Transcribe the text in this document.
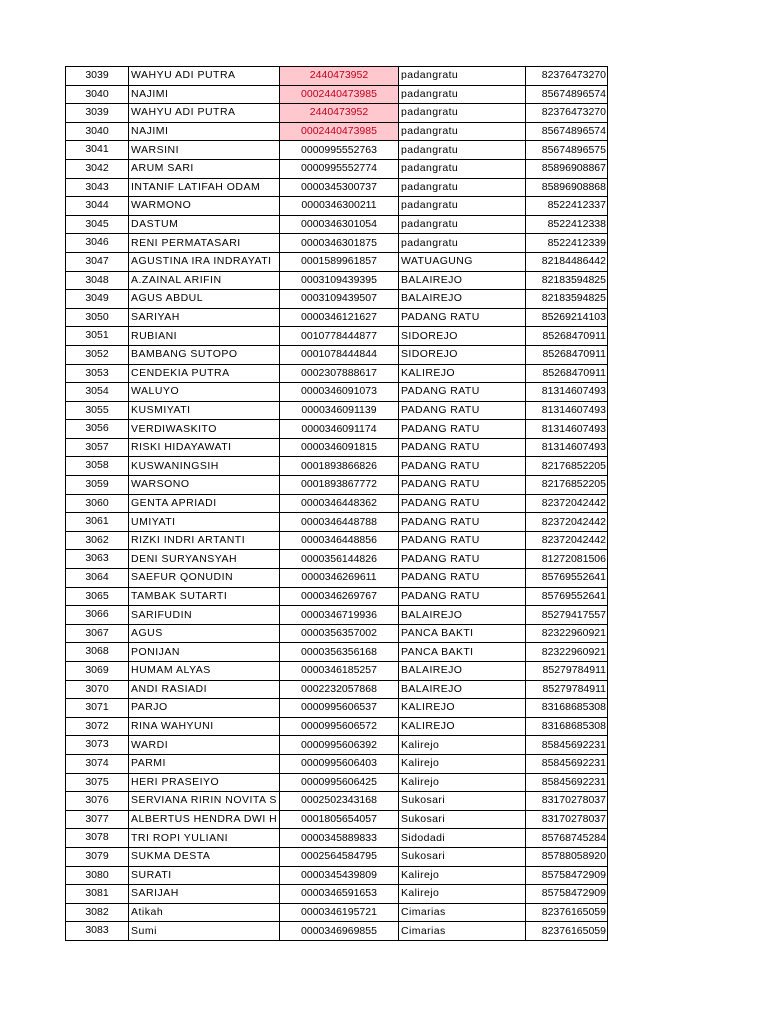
3039	WAHYU ADI PUTRA	2440473952	padangratu	82376473270
3040	NAJIMI	0002440473985	padangratu	85674896574
3039	WAHYU ADI PUTRA	2440473952	padangratu	82376473270
3040	NAJIMI	0002440473985	padangratu	85674896574
3041	WARSINI	0000995552763	padangratu	85674896575
3042	ARUM SARI	0000995552774	padangratu	85896908867
3043	INTANIF LATIFAH ODAM	0000345300737	padangratu	85896908868
3044	WARMONO	0000346300211	padangratu	8522412337
3045	DASTUM	0000346301054	padangratu	8522412338
3046	RENI PERMATASARI	0000346301875	padangratu	8522412339
3047	AGUSTINA IRA INDRAYATI	0001589961857	WATUAGUNG	82184486442
3048	A.ZAINAL ARIFIN	0003109439395	BALAIREJO	82183594825
3049	AGUS ABDUL	0003109439507	BALAIREJO	82183594825
3050	SARIYAH	0000346121627	PADANG RATU	85269214103
3051	RUBIANI	0010778444877	SIDOREJO	85268470911
3052	BAMBANG SUTOPO	0001078444844	SIDOREJO	85268470911
3053	CENDEKIA PUTRA	0002307888617	KALIREJO	85268470911
3054	WALUYO	0000346091073	PADANG RATU	81314607493
3055	KUSMIYATI	0000346091139	PADANG RATU	81314607493
3056	VERDIWASKITO	0000346091174	PADANG RATU	81314607493
3057	RISKI HIDAYAWATI	0000346091815	PADANG RATU	81314607493
3058	KUSWANINGSIH	0001893866826	PADANG RATU	82176852205
3059	WARSONO	0001893867772	PADANG RATU	82176852205
3060	GENTA APRIADI	0000346448362	PADANG RATU	82372042442
3061	UMIYATI	0000346448788	PADANG RATU	82372042442
3062	RIZKI INDRI ARTANTI	0000346448856	PADANG RATU	82372042442
3063	DENI SURYANSYAH	0000356144826	PADANG RATU	81272081506
3064	SAEFUR QONUDIN	0000346269611	PADANG RATU	85769552641
3065	TAMBAK SUTARTI	0000346269767	PADANG RATU	85769552641
3066	SARIFUDIN	0000346719936	BALAIREJO	85279417557
3067	AGUS	0000356357002	PANCA BAKTI	82322960921
3068	PONIJAN	0000356356168	PANCA BAKTI	82322960921
3069	HUMAM ALYAS	0000346185257	BALAIREJO	85279784911
3070	ANDI RASIADI	0002232057868	BALAIREJO	85279784911
3071	PARJO	0000995606537	KALIREJO	83168685308
3072	RINA WAHYUNI	0000995606572	KALIREJO	83168685308
3073	WARDI	0000995606392	Kalirejo	85845692231
3074	PARMI	0000995606403	Kalirejo	85845692231
3075	HERI PRASEIYO	0000995606425	Kalirejo	85845692231
3076	SERVIANA RIRIN NOVITA S	0002502343168	Sukosari	83170278037
3077	ALBERTUS HENDRA DWI H	0001805654057	Sukosari	83170278037
3078	TRI ROPI YULIANI	0000345889833	Sidodadi	85768745284
3079	SUKMA DESTA	0002564584795	Sukosari	85788058920
3080	SURATI	0000345439809	Kalirejo	85758472909
3081	SARIJAH	0000346591653	Kalirejo	85758472909
3082	Atikah	0000346195721	Cimarias	82376165059
3083	Sumi	0000346969855	Cimarias	82376165059
